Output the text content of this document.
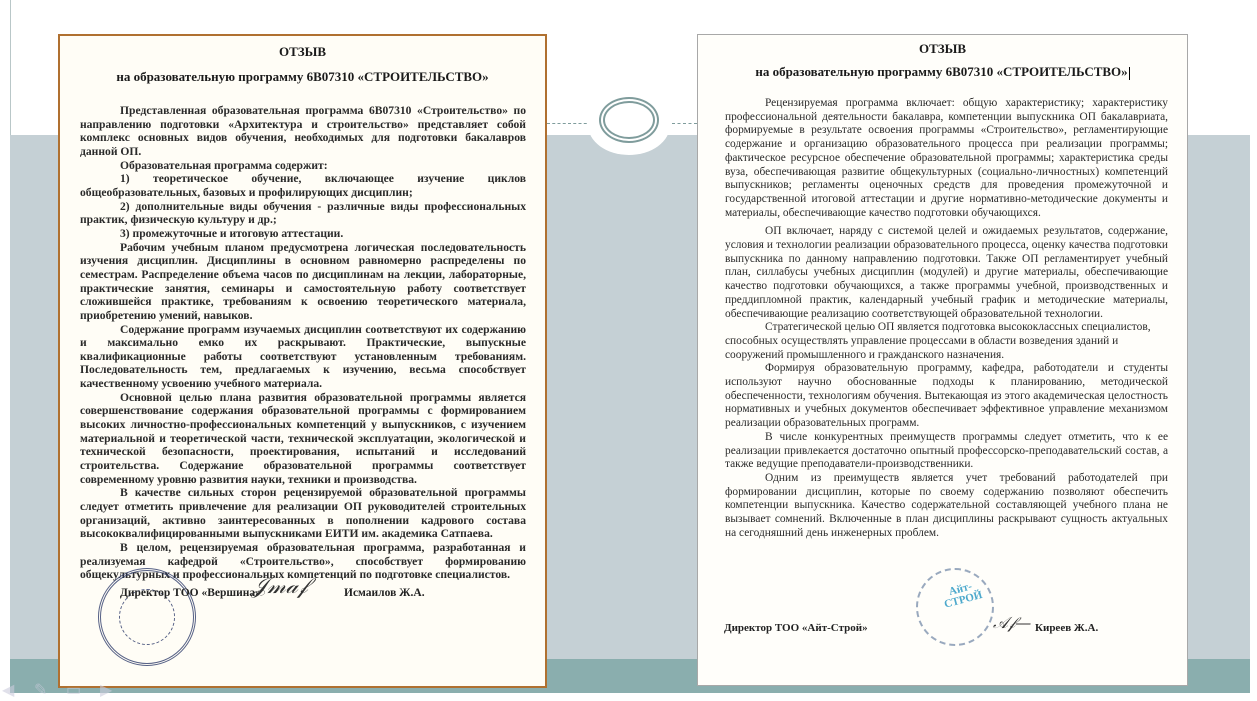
ОТЗЫВ
на образовательную программу 6В07310 «СТРОИТЕЛЬСТВО»

Представленная образовательная программа 6В07310 «Строительство» по направлению подготовки «Архитектура и строительство» представляет собой комплекс основных видов обучения, необходимых для подготовки бакалавров данной ОП.

Образовательная программа содержит:

1) теоретическое обучение, включающее изучение циклов общеобразовательных, базовых и профилирующих дисциплин;

2) дополнительные виды обучения - различные виды профессиональных практик, физическую культуру и др.;

3) промежуточные и итоговую аттестации.

Рабочим учебным планом предусмотрена логическая последовательность изучения дисциплин. Дисциплины в основном равномерно распределены по семестрам. Распределение объема часов по дисциплинам на лекции, лабораторные, практические занятия, семинары и самостоятельную работу соответствует сложившейся практике, требованиям к освоению теоретического материала, приобретению умений, навыков.

Содержание программ изучаемых дисциплин соответствуют их содержанию и максимально емко их раскрывают. Практические, выпускные квалификационные работы соответствуют установленным требованиям. Последовательность тем, предлагаемых к изучению, весьма способствует качественному усвоению учебного материала.

Основной целью плана развития образовательной программы является совершенствование содержания образовательной программы с формированием высоких личностно-профессиональных компетенций у выпускников, с изучением материальной и теоретической части, технической эксплуатации, экологической и технической безопасности, проектирования, испытаний и исследований строительства. Содержание образовательной программы соответствует современному уровню развития науки, техники и производства.

В качестве сильных сторон рецензируемой образовательной программы следует отметить привлечение для реализации ОП руководителей строительных организаций, активно заинтересованных в пополнении кадрового состава высококвалифицированными выпускниками ЕИТИ им. академика Сатпаева.

В целом, рецензируемая образовательная программа, разработанная и реализуемая кафедрой «Строительство», способствует формированию общекультурных и профессиональных компетенций по подготовке специалистов.

Директор ТОО «Вершина»
𝒥𝓂𝒶𝒻	Исмаилов Ж.А.
ОТЗЫВ
на образовательную программу 6В07310 «СТРОИТЕЛЬСТВО»

Рецензируемая программа включает: общую характеристику; характеристику профессиональной деятельности бакалавра, компетенции выпускника ОП бакалавриата, формируемые в результате освоения программы «Строительство», регламентирующие содержание и организацию образовательного процесса при реализации программы; фактическое ресурсное обеспечение образовательной программы; характеристика среды вуза, обеспечивающая развитие общекультурных (социально-личностных) компетенций выпускников; регламенты оценочных средств для проведения промежуточной и государственной итоговой аттестации и другие нормативно-методические документы и материалы, обеспечивающие качество подготовки обучающихся.

ОП включает, наряду с системой целей и ожидаемых результатов, содержание, условия и технологии реализации образовательного процесса, оценку качества подготовки выпускника по данному направлению подготовки. Также ОП регламентирует учебный план, силлабусы учебных дисциплин (модулей) и другие материалы, обеспечивающие качество подготовки обучающихся, а также программы учебной, производственных и преддипломной практик, календарный учебный график и методические материалы, обеспечивающие реализацию соответствующей образовательной технологии.

Стратегической целью ОП является подготовка высококлассных специалистов, способных осуществлять управление процессами в области возведения зданий и сооружений промышленного и гражданского назначения.

Формируя образовательную программу, кафедра, работодатели и студенты используют научно обоснованные подходы к планированию, методической обеспеченности, технологиям обучения. Вытекающая из этого академическая целостность нормативных и учебных документов обеспечивает эффективное управление механизмом реализации образовательных программ.

В числе конкурентных преимуществ программы следует отметить, что к ее реализации привлекается достаточно опытный профессорско-преподавательский состав, а также ведущие преподаватели-производственники.

Одним из преимуществ является учет требований работодателей при формировании дисциплин, которые по своему содержанию позволяют обеспечить компетенции выпускника. Качество содержательной составляющей учебного плана не вызывает сомнений. Включенные в план дисциплины раскрывают сущность актуальных на сегодняшний день инженерных проблем.

Директор ТОО «Айт-Строй»
Айт-СТРОЙ
𝒜𝒻— Киреев Ж.А.
◀ ✎ ▭ ▶
